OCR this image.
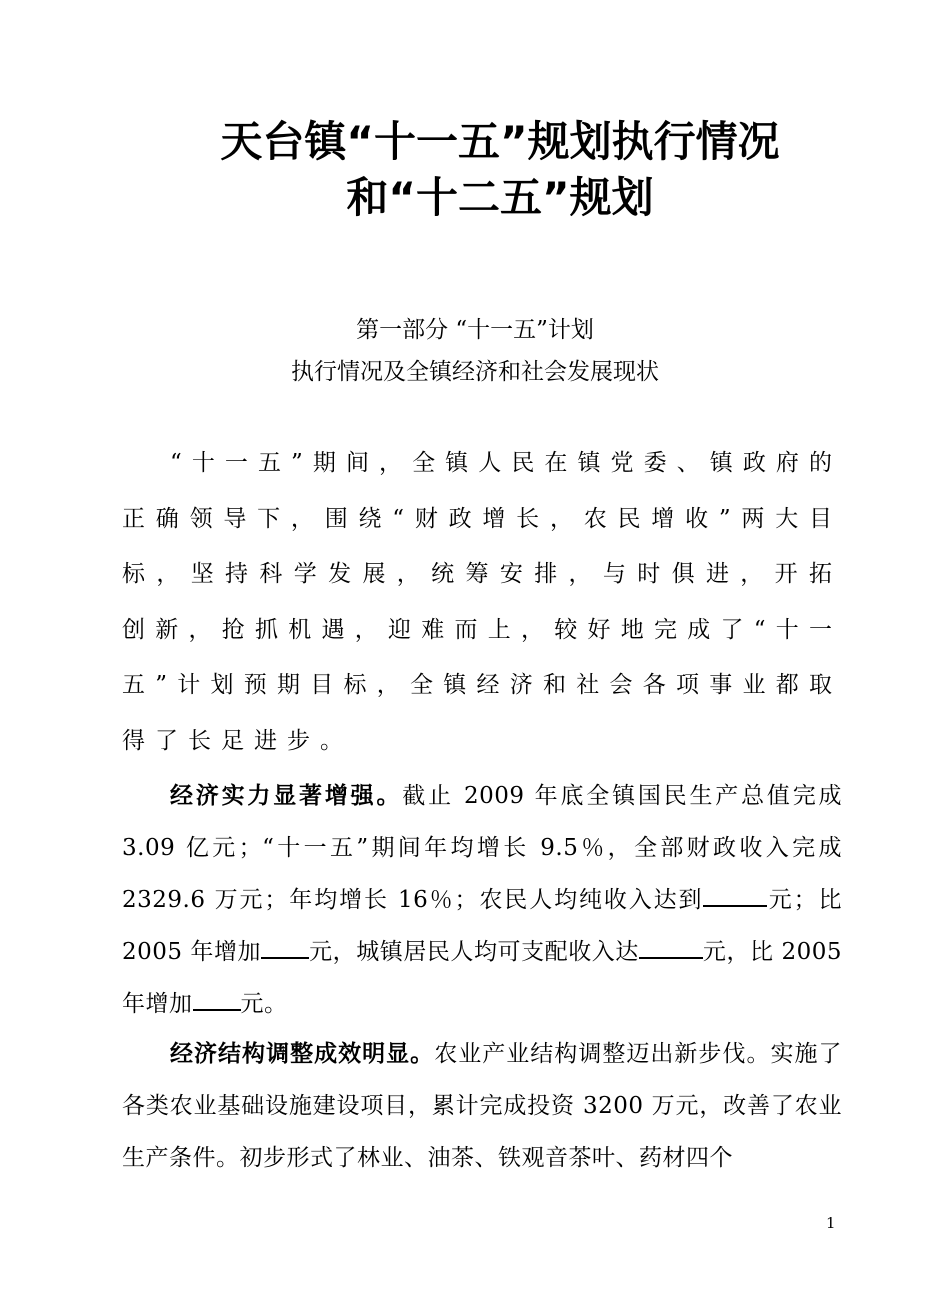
天台镇“十一五”规划执行情况
和“十二五”规划

第一部分 “十一五”计划

执行情况及全镇经济和社会发展现状

“十一五”期间，全镇人民在镇党委、镇政府的正确领导下，围绕“财政增长，农民增收”两大目标，坚持科学发展，统筹安排，与时俱进，开拓创新，抢抓机遇，迎难而上，较好地完成了“十一五”计划预期目标，全镇经济和社会各项事业都取得了长足进步。

经济实力显著增强。截止 2009 年底全镇国民生产总值完成 3.09 亿元；“十一五”期间年均增长 9.5％，全部财政收入完成 2329.6 万元；年均增长 16％；农民人均纯收入达到	元；比 2005 年增加 元，城镇居民人均可支配收入达	元，比 2005 年增加 元。

经济结构调整成效明显。农业产业结构调整迈出新步伐。实施了各类农业基础设施建设项目，累计完成投资 3200 万元，改善了农业生产条件。初步形式了林业、油茶、铁观音茶叶、药材四个

1
